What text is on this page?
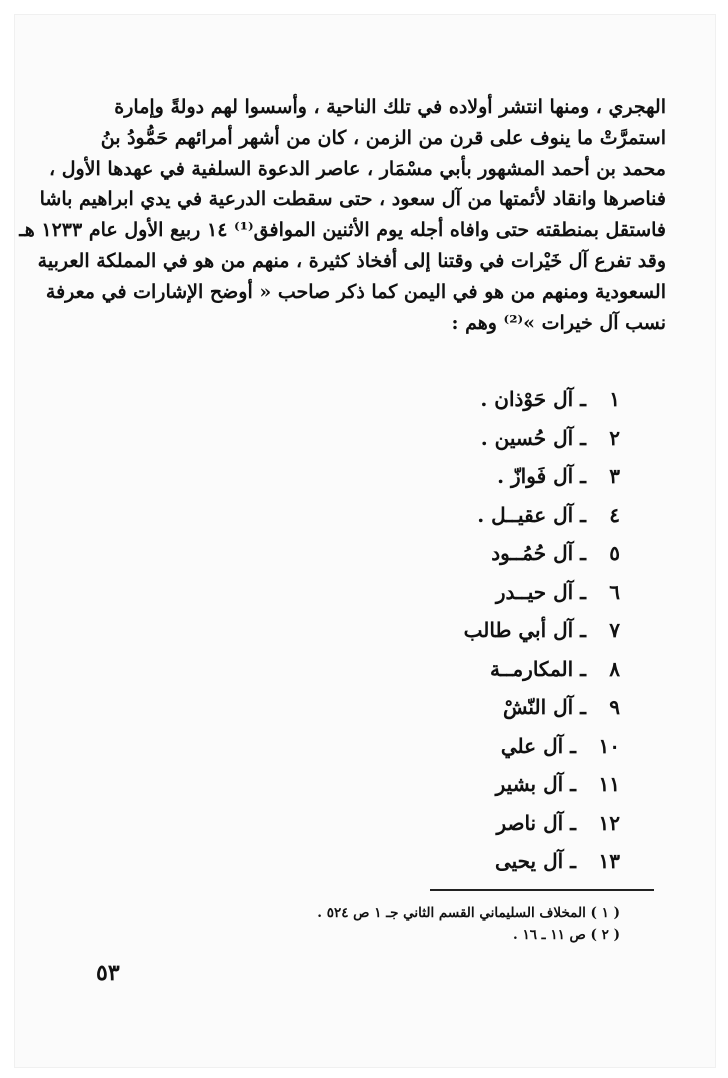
الهجري ، ومنها انتشر أولاده في تلك الناحية ، وأسسوا لهم دولةً وإمارة
استمرَّتْ ما ينوف على قرن من الزمن ، كان من أشهر أمرائهم حَمُّودُ بنُ
محمد بن أحمد المشهور بأبي مسْمَار ، عاصر الدعوة السلفية في عهدها الأول ،
فناصرها وانقاد لأئمتها من آل سعود ، حتى سقطت الدرعية في يدي ابراهيم باشا
فاستقل بمنطقته حتى وافاه أجله يوم الأثنين الموافق⁽¹⁾ ١٤ ربيع الأول عام ١٢٣٣ هـ
وقد تفرع آل خَيْرات في وقتنا إلى أفخاذ كثيرة ، منهم من هو في المملكة العربية
السعودية ومنهم من هو في اليمن كما ذكر صاحب « أوضح الإشارات في معرفة
نسب آل خيرات »⁽²⁾ وهم :
١ـ آل حَوْذان .
٢ـ آل حُسين .
٣ـ آل فَوازّ .
٤ـ آل عقيــل .
٥ـ آل حُمُــود
٦ـ آل حيــدر
٧ـ آل أبي طالب
٨ـ المكارمــة
٩ـ آل النّشْ
١٠ـ آل علي
١١ـ آل بشير
١٢ـ آل ناصر
١٣ـ آل يحيى
( ١ ) المخلاف السليماني القسم الثاني جـ ١ ص ٥٢٤ .
( ٢ ) ص ١١ ـ ١٦ .
٥٣
